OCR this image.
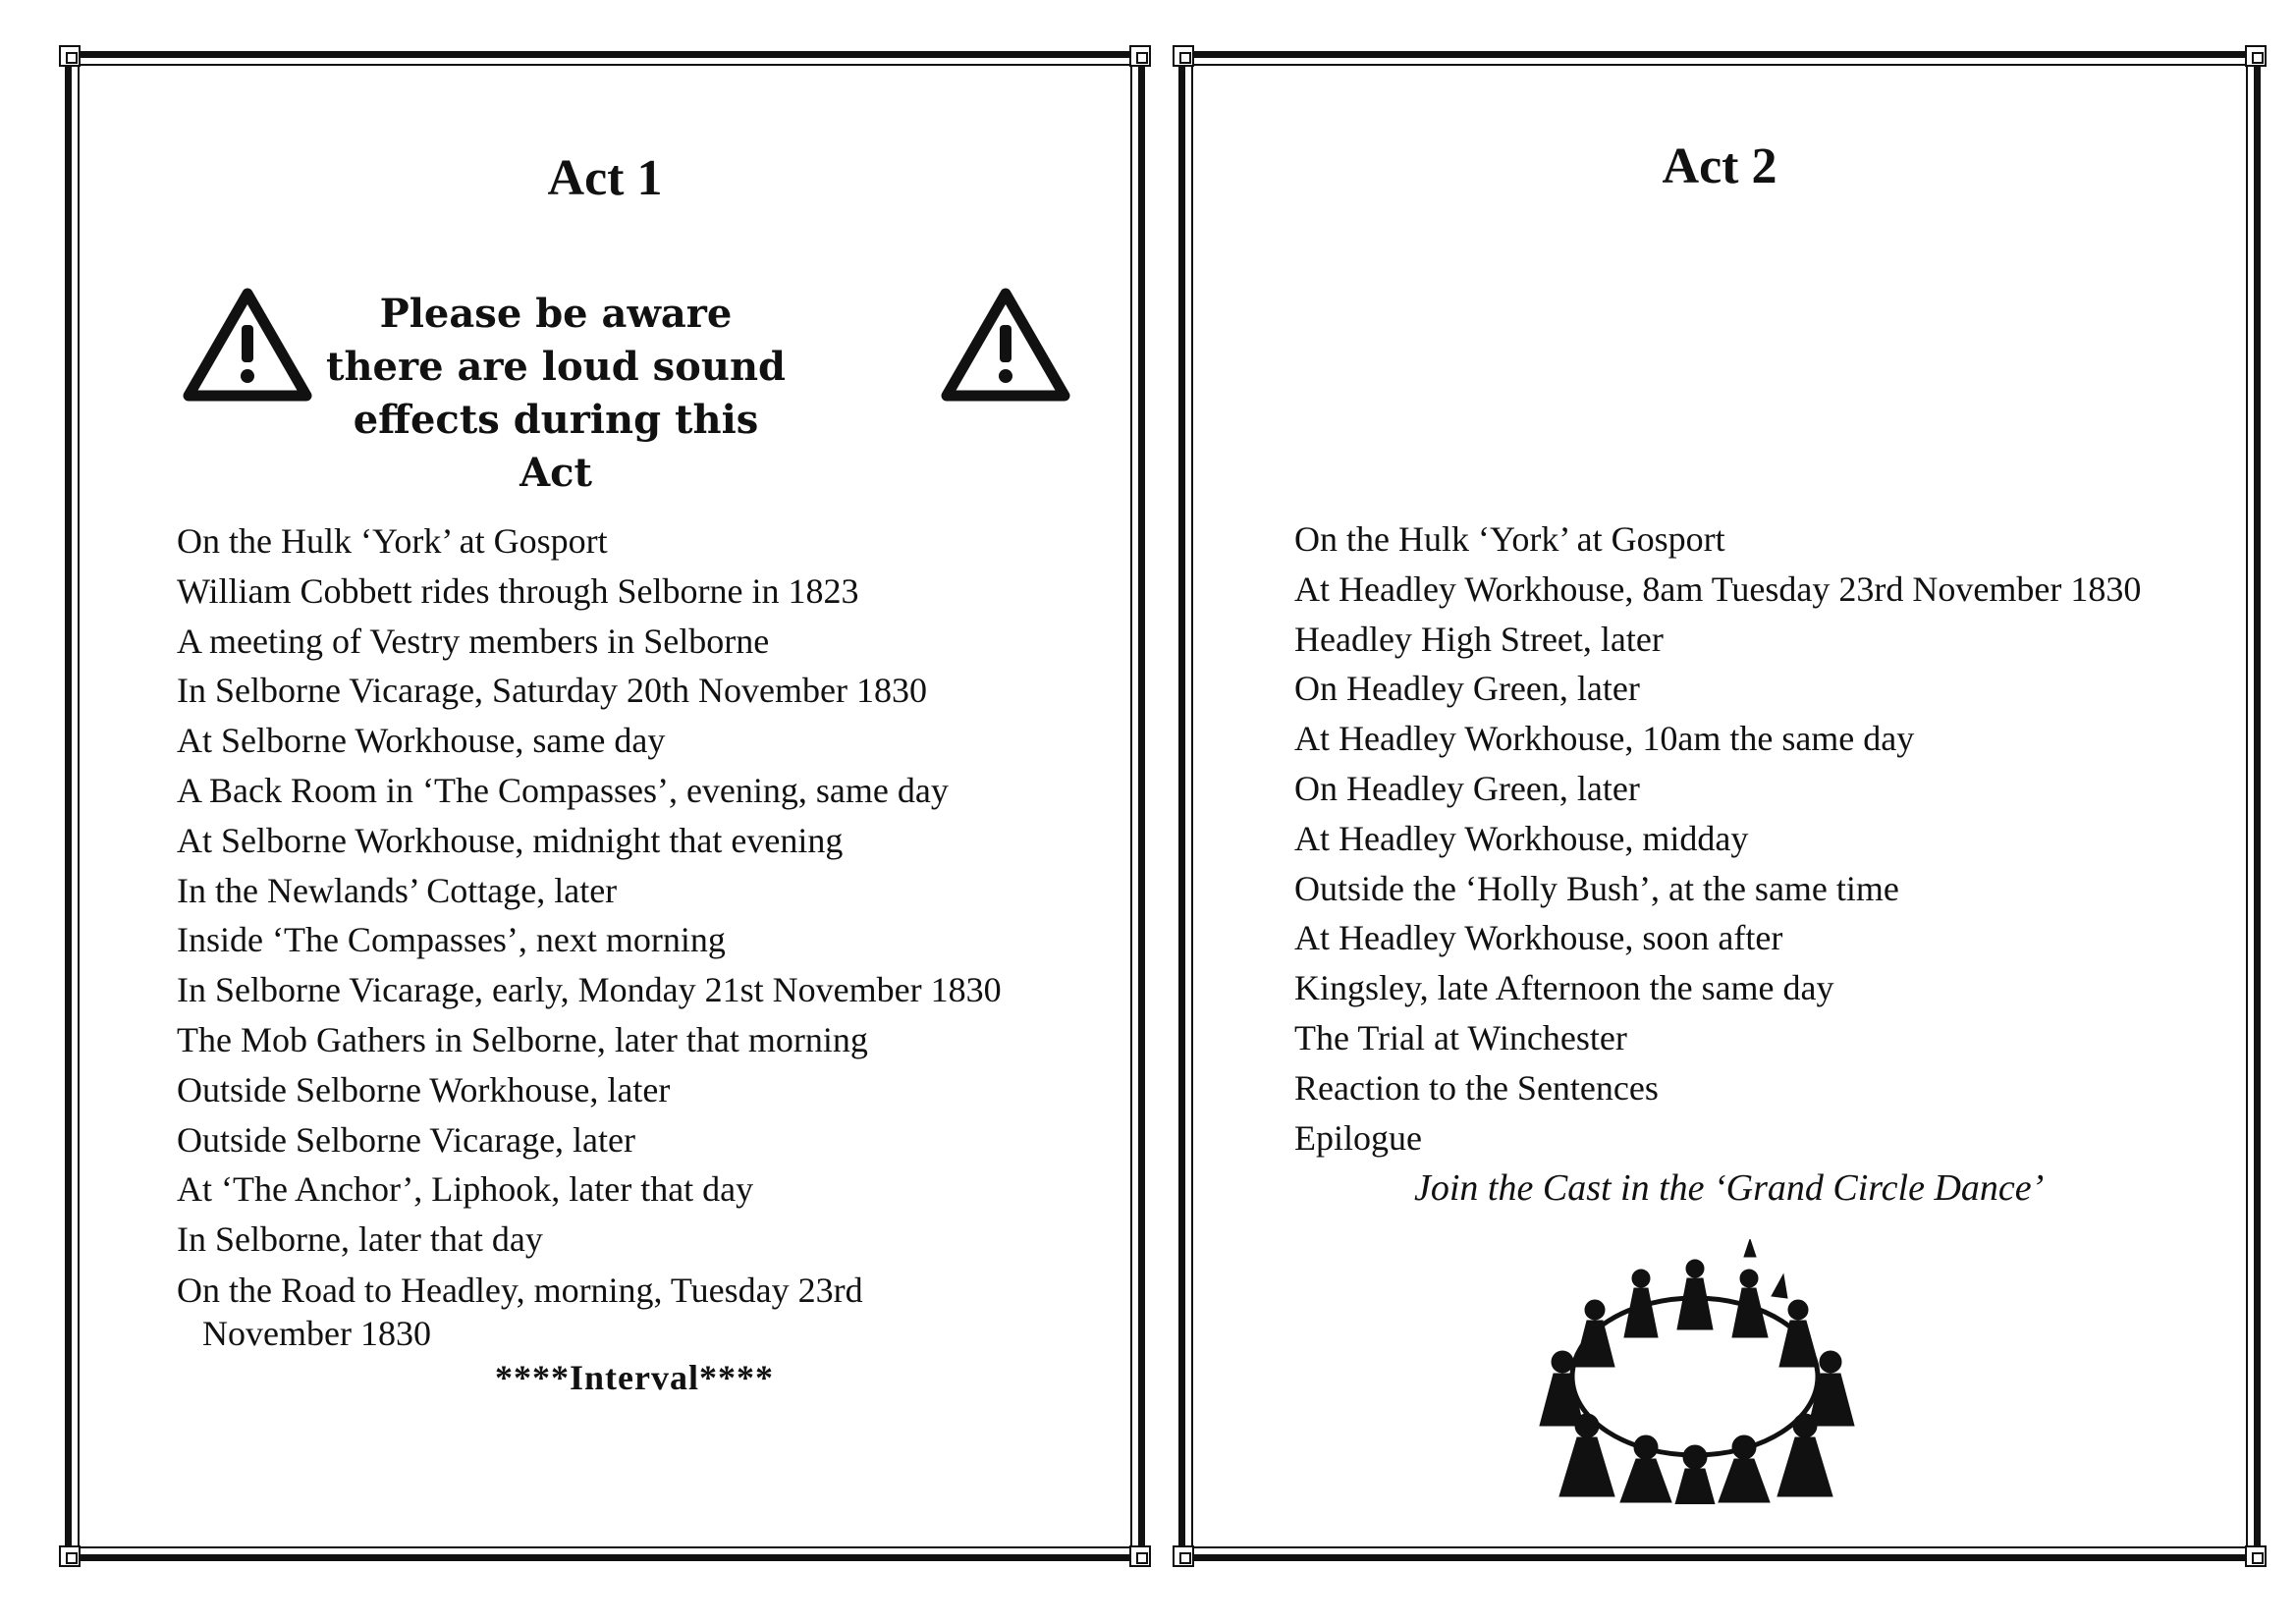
Act 1
Please be aware there are loud sound effects during this Act
On the Hulk ‘York’ at Gosport
William Cobbett rides through Selborne in 1823
A meeting of Vestry members in Selborne
In Selborne Vicarage, Saturday 20th November 1830
At Selborne Workhouse, same day
A Back Room in ‘The Compasses’, evening, same day
At Selborne Workhouse, midnight that evening
In the Newlands’ Cottage, later
Inside ‘The Compasses’, next morning
In Selborne Vicarage, early, Monday 21st November 1830
The Mob Gathers in Selborne, later that morning
Outside Selborne Workhouse, later
Outside Selborne Vicarage, later
At ‘The Anchor’, Liphook, later that day
In Selborne, later that day
On the Road to Headley, morning, Tuesday 23rd November 1830
****Interval****
Act 2
On the Hulk ‘York’ at Gosport
At Headley Workhouse, 8am Tuesday 23rd November 1830
Headley High Street, later
On Headley Green, later
At Headley Workhouse, 10am the same day
On Headley Green, later
At Headley Workhouse, midday
Outside the ‘Holly Bush’, at the same time
At Headley Workhouse, soon after
Kingsley, late Afternoon the same day
The Trial at Winchester
Reaction to the Sentences
Epilogue
Join the Cast in the ‘Grand Circle Dance’
